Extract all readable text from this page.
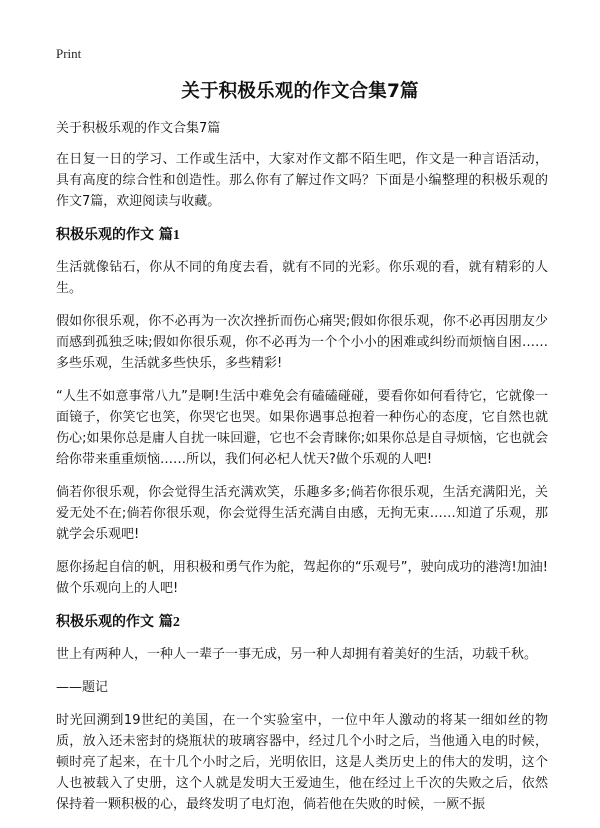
Print
关于积极乐观的作文合集7篇
关于积极乐观的作文合集7篇

在日复一日的学习、工作或生活中，大家对作文都不陌生吧，作文是一种言语活动，具有高度的综合性和创造性。那么你有了解过作文吗？下面是小编整理的积极乐观的作文7篇，欢迎阅读与收藏。

积极乐观的作文 篇1

生活就像钻石，你从不同的角度去看，就有不同的光彩。你乐观的看，就有精彩的人生。

假如你很乐观，你不必再为一次次挫折而伤心痛哭;假如你很乐观，你不必再因朋友少而感到孤独乏味;假如你很乐观，你不必再为一个个小小的困难或纠纷而烦恼自困……多些乐观，生活就多些快乐，多些精彩!

“人生不如意事常八九”是啊!生活中难免会有磕磕碰碰，要看你如何看待它，它就像一面镜子，你笑它也笑，你哭它也哭。如果你遇事总抱着一种伤心的态度，它自然也就伤心;如果你总是庸人自扰一味回避，它也不会青睐你;如果你总是自寻烦恼，它也就会给你带来重重烦恼……所以，我们何必杞人忧天?做个乐观的人吧!

倘若你很乐观，你会觉得生活充满欢笑，乐趣多多;倘若你很乐观，生活充满阳光，关爱无处不在;倘若你很乐观，你会觉得生活充满自由感，无拘无束……知道了乐观，那就学会乐观吧!

愿你扬起自信的帆，用积极和勇气作为舵，驾起你的“乐观号”，驶向成功的港湾!加油!做个乐观向上的人吧!

积极乐观的作文 篇2

世上有两种人，一种人一辈子一事无成，另一种人却拥有着美好的生活，功载千秋。

——题记

时光回溯到19世纪的美国，在一个实验室中，一位中年人激动的将某一细如丝的物质，放入还未密封的烧瓶状的玻璃容器中，经过几个小时之后，当他通入电的时候，顿时亮了起来，在十几个小时之后，光明依旧，这是人类历史上的伟大的发明，这个人也被载入了史册，这个人就是发明大王爱迪生，他在经过上千次的失败之后，依然保持着一颗积极的心，最终发明了电灯泡，倘若他在失败的时候，一厥不振
